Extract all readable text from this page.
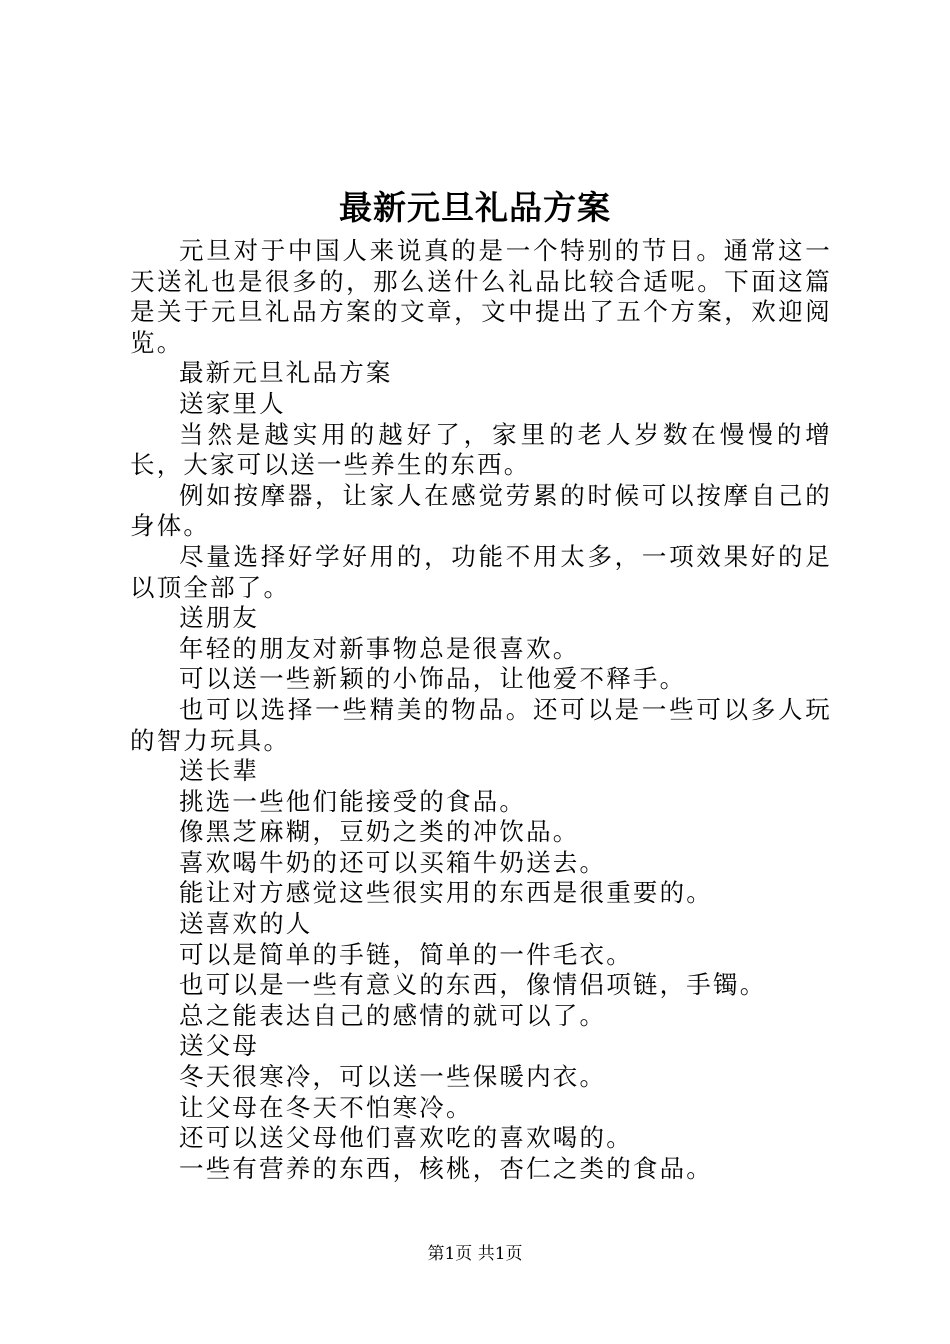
最新元旦礼品方案

元旦对于中国人来说真的是一个特别的节日。通常这一天送礼也是很多的，那么送什么礼品比较合适呢。下面这篇是关于元旦礼品方案的文章，文中提出了五个方案，欢迎阅览。

最新元旦礼品方案

送家里人

当然是越实用的越好了，家里的老人岁数在慢慢的增长，大家可以送一些养生的东西。

例如按摩器，让家人在感觉劳累的时候可以按摩自己的身体。

尽量选择好学好用的，功能不用太多，一项效果好的足以顶全部了。

送朋友

年轻的朋友对新事物总是很喜欢。

可以送一些新颖的小饰品，让他爱不释手。

也可以选择一些精美的物品。还可以是一些可以多人玩的智力玩具。

送长辈

挑选一些他们能接受的食品。

像黑芝麻糊，豆奶之类的冲饮品。

喜欢喝牛奶的还可以买箱牛奶送去。

能让对方感觉这些很实用的东西是很重要的。

送喜欢的人

可以是简单的手链，简单的一件毛衣。

也可以是一些有意义的东西，像情侣项链，手镯。

总之能表达自己的感情的就可以了。

送父母

冬天很寒冷，可以送一些保暖内衣。

让父母在冬天不怕寒冷。

还可以送父母他们喜欢吃的喜欢喝的。

一些有营养的东西，核桃，杏仁之类的食品。

第1页 共1页
